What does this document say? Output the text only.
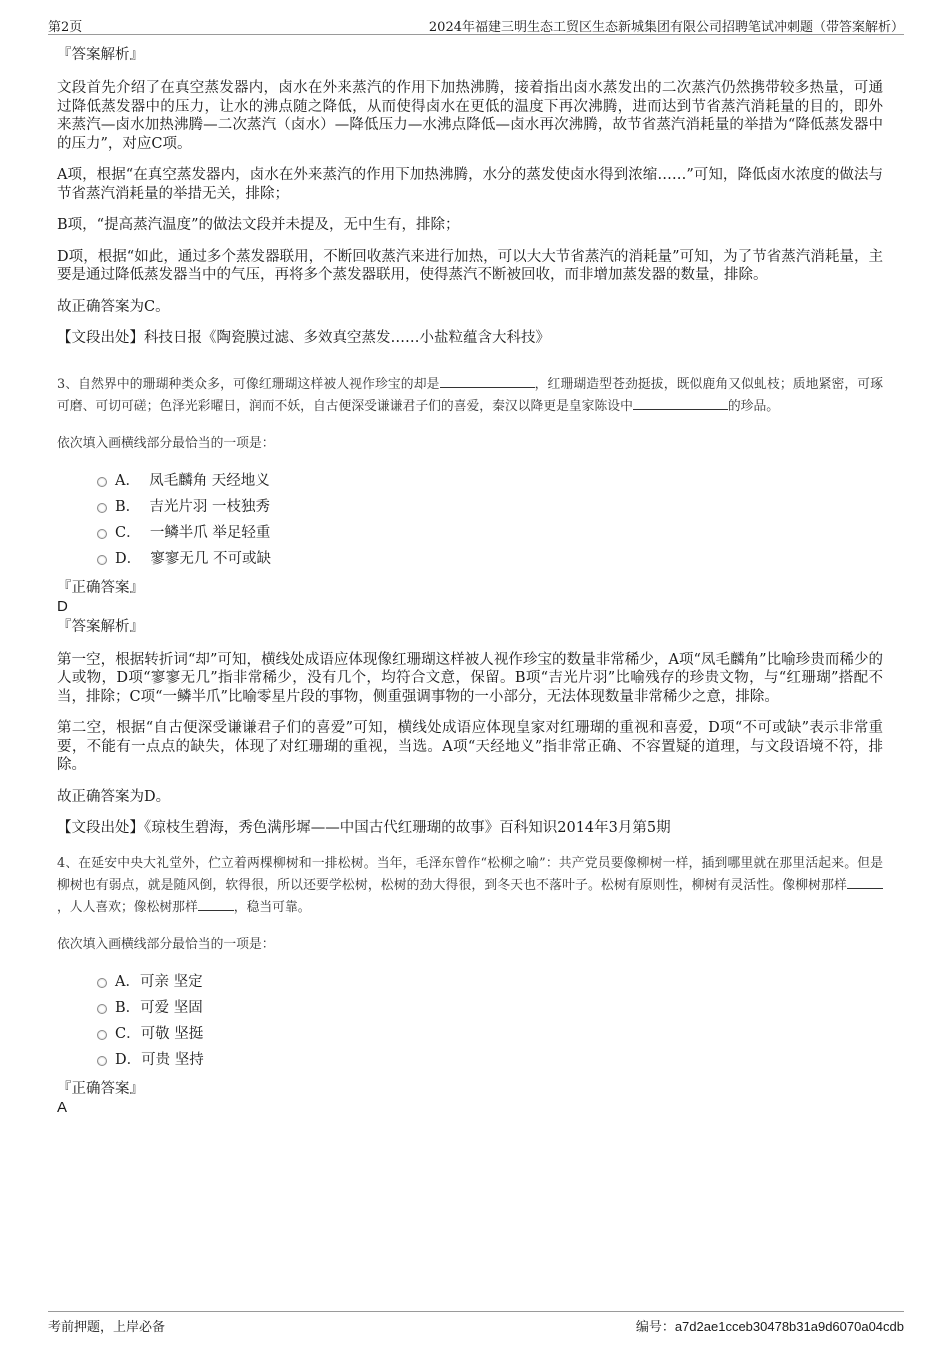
第2页	2024年福建三明生态工贸区生态新城集团有限公司招聘笔试冲刺题（带答案解析）

『答案解析』

文段首先介绍了在真空蒸发器内，卤水在外来蒸汽的作用下加热沸腾，接着指出卤水蒸发出的二次蒸汽仍然携带较多热量，可通过降低蒸发器中的压力，让水的沸点随之降低，从而使得卤水在更低的温度下再次沸腾，进而达到节省蒸汽消耗量的目的，即外来蒸汽—卤水加热沸腾—二次蒸汽（卤水）—降低压力—水沸点降低—卤水再次沸腾，故节省蒸汽消耗量的举措为“降低蒸发器中的压力”，对应C项。

A项，根据“在真空蒸发器内，卤水在外来蒸汽的作用下加热沸腾，水分的蒸发使卤水得到浓缩……”可知，降低卤水浓度的做法与节省蒸汽消耗量的举措无关，排除；

B项，“提高蒸汽温度”的做法文段并未提及，无中生有，排除；

D项，根据“如此，通过多个蒸发器联用，不断回收蒸汽来进行加热，可以大大节省蒸汽的消耗量”可知，为了节省蒸汽消耗量，主要是通过降低蒸发器当中的气压，再将多个蒸发器联用，使得蒸汽不断被回收，而非增加蒸发器的数量，排除。

故正确答案为C。

【文段出处】科技日报《陶瓷膜过滤、多效真空蒸发……小盐粒蕴含大科技》

3、自然界中的珊瑚种类众多，可像红珊瑚这样被人视作珍宝的却是	，红珊瑚造型苍劲挺拔，既似鹿角又似虬枝；质地紧密，可琢可磨、可切可磋；色泽光彩曜日，润而不妖，自古便深受谦谦君子们的喜爱，秦汉以降更是皇家陈设中	的珍品。

依次填入画横线部分最恰当的一项是：

A．  凤毛麟角 天经地义
B．  吉光片羽 一枝独秀
C．  一鳞半爪 举足轻重
D．  寥寥无几 不可或缺

『正确答案』

D

『答案解析』

第一空，根据转折词“却”可知，横线处成语应体现像红珊瑚这样被人视作珍宝的数量非常稀少，A项“凤毛麟角”比喻珍贵而稀少的人或物，D项“寥寥无几”指非常稀少，没有几个，均符合文意，保留。B项“吉光片羽”比喻残存的珍贵文物，与“红珊瑚”搭配不当，排除；C项“一鳞半爪”比喻零星片段的事物，侧重强调事物的一小部分，无法体现数量非常稀少之意，排除。

第二空，根据“自古便深受谦谦君子们的喜爱”可知，横线处成语应体现皇家对红珊瑚的重视和喜爱，D项“不可或缺”表示非常重要，不能有一点点的缺失，体现了对红珊瑚的重视，当选。A项“天经地义”指非常正确、不容置疑的道理，与文段语境不符，排除。

故正确答案为D。

【文段出处】《琼枝生碧海，秀色满彤墀——中国古代红珊瑚的故事》百科知识2014年3月第5期

4、在延安中央大礼堂外，伫立着两棵柳树和一排松树。当年，毛泽东曾作“松柳之喻”：共产党员要像柳树一样，插到哪里就在那里活起来。但是柳树也有弱点，就是随风倒，软得很，所以还要学松树，松树的劲大得很，到冬天也不落叶子。松树有原则性，柳树有灵活性。像柳树那样，人人喜欢；像松树那样	，稳当可靠。

依次填入画横线部分最恰当的一项是：

A．可亲 坚定
B．可爱 坚固
C．可敬 坚挺
D．可贵 坚持

『正确答案』

A

考前押题，上岸必备	编号：a7d2ae1cceb30478b31a9d6070a04cdb
